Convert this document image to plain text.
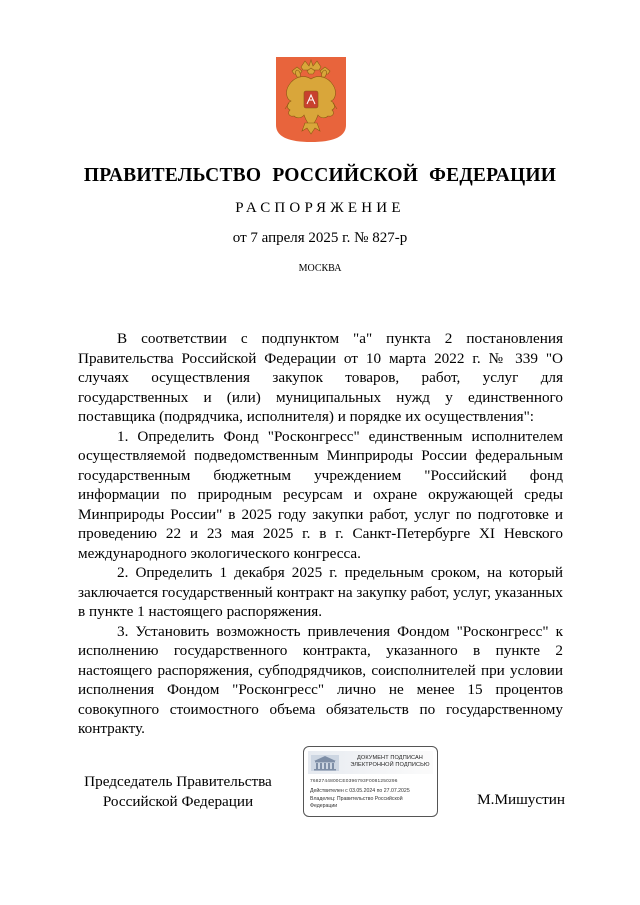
ПРАВИТЕЛЬСТВО РОССИЙСКОЙ ФЕДЕРАЦИИ
РАСПОРЯЖЕНИЕ
от 7 апреля 2025 г. № 827-р
МОСКВА

В соответствии с подпунктом "а" пункта 2 постановления Правительства Российской Федерации от 10 марта 2022 г. № 339 "О случаях осуществления закупок товаров, работ, услуг для государственных и (или) муниципальных нужд у единственного поставщика (подрядчика, исполнителя) и порядке их осуществления":

1. Определить Фонд "Росконгресс" единственным исполнителем осуществляемой подведомственным Минприроды России федеральным государственным бюджетным учреждением "Российский фонд информации по природным ресурсам и охране окружающей среды Минприроды России" в 2025 году закупки работ, услуг по подготовке и проведению 22 и 23 мая 2025 г. в г. Санкт-Петербурге XI Невского международного экологического конгресса.

2. Определить 1 декабря 2025 г. предельным сроком, на который заключается государственный контракт на закупку работ, услуг, указанных в пункте 1 настоящего распоряжения.

3. Установить возможность привлечения Фондом "Росконгресс" к исполнению государственного контракта, указанного в пункте 2 настоящего распоряжения, субподрядчиков, соисполнителей при условии исполнения Фондом "Росконгресс" лично не менее 15 процентов совокупного стоимостного объема обязательств по государственному контракту.

Председатель Правительства
Российской Федерации
ДОКУМЕНТ ПОДПИСАН
ЭЛЕКТРОННОЙ ПОДПИСЬЮ
7682744800CE0396793F0081250296
Действителен с 03.05.2024 по 27.07.2025
Владелец: Правительство Российской
Федерации	М.Мишустин
